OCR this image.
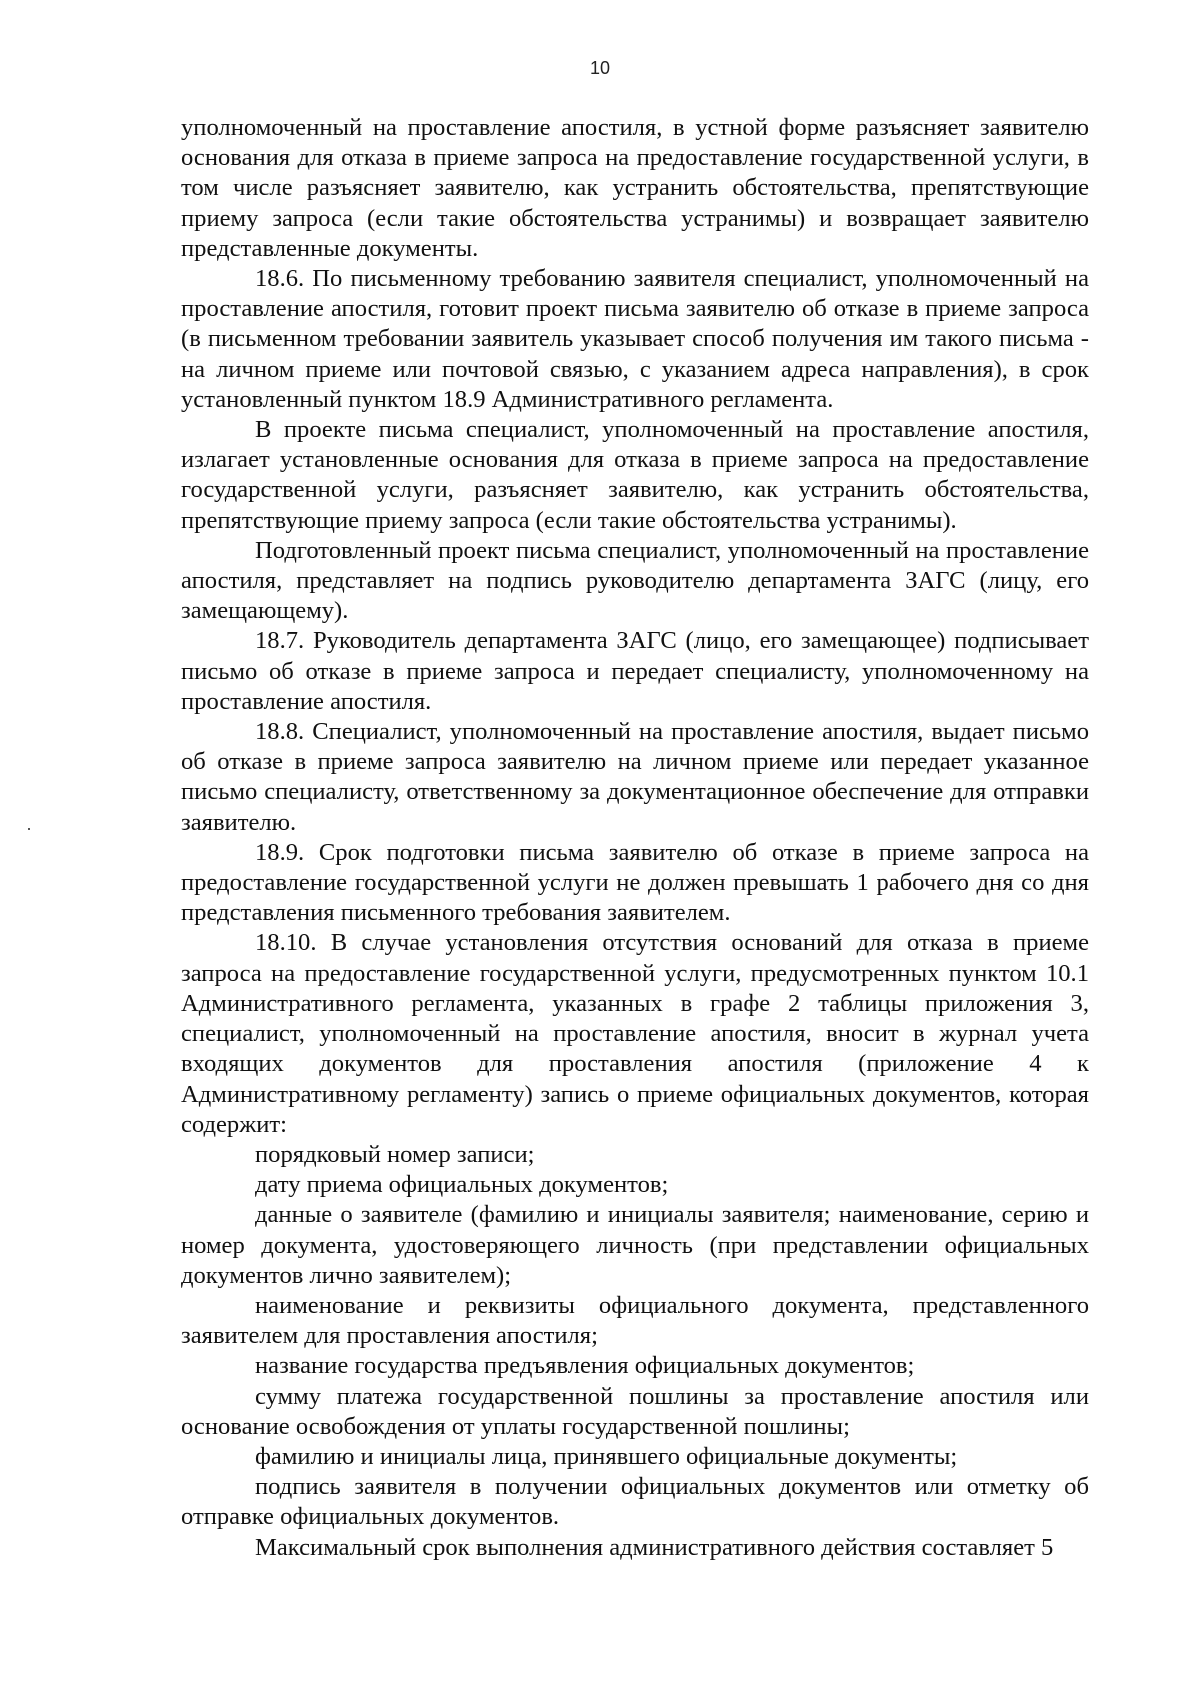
10

уполномоченный на проставление апостиля, в устной форме разъясняет заявителю основания для отказа в приеме запроса на предоставление государственной услуги, в том числе разъясняет заявителю, как устранить обстоятельства, препятствующие приему запроса (если такие обстоятельства устранимы) и возвращает заявителю представленные документы.

18.6. По письменному требованию заявителя специалист, уполномоченный на проставление апостиля, готовит проект письма заявителю об отказе в приеме запроса (в письменном требовании заявитель указывает способ получения им такого письма - на личном приеме или почтовой связью, с указанием адреса направления), в срок установленный пунктом 18.9 Административного регламента.

В проекте письма специалист, уполномоченный на проставление апостиля, излагает установленные основания для отказа в приеме запроса на предоставление государственной услуги, разъясняет заявителю, как устранить обстоятельства, препятствующие приему запроса (если такие обстоятельства устранимы).

Подготовленный проект письма специалист, уполномоченный на проставление апостиля, представляет на подпись руководителю департамента ЗАГС (лицу, его замещающему).

18.7. Руководитель департамента ЗАГС (лицо, его замещающее) подписывает письмо об отказе в приеме запроса и передает специалисту, уполномоченному на проставление апостиля.

18.8. Специалист, уполномоченный на проставление апостиля, выдает письмо об отказе в приеме запроса заявителю на личном приеме или передает указанное письмо специалисту, ответственному за документационное обеспечение для отправки заявителю.

18.9. Срок подготовки письма заявителю об отказе в приеме запроса на предоставление государственной услуги не должен превышать 1 рабочего дня со дня представления письменного требования заявителем.

18.10. В случае установления отсутствия оснований для отказа в приеме запроса на предоставление государственной услуги, предусмотренных пунктом 10.1 Административного регламента, указанных в графе 2 таблицы приложения 3, специалист, уполномоченный на проставление апостиля, вносит в журнал учета входящих документов для проставления апостиля (приложение 4 к Административному регламенту) запись о приеме официальных документов, которая содержит:

порядковый номер записи;

дату приема официальных документов;

данные о заявителе (фамилию и инициалы заявителя; наименование, серию и номер документа, удостоверяющего личность (при представлении официальных документов лично заявителем);

наименование и реквизиты официального документа, представленного заявителем для проставления апостиля;

название государства предъявления официальных документов;

сумму платежа государственной пошлины за проставление апостиля или основание освобождения от уплаты государственной пошлины;

фамилию и инициалы лица, принявшего официальные документы;

подпись заявителя в получении официальных документов или отметку об отправке официальных документов.

Максимальный срок выполнения административного действия составляет 5
